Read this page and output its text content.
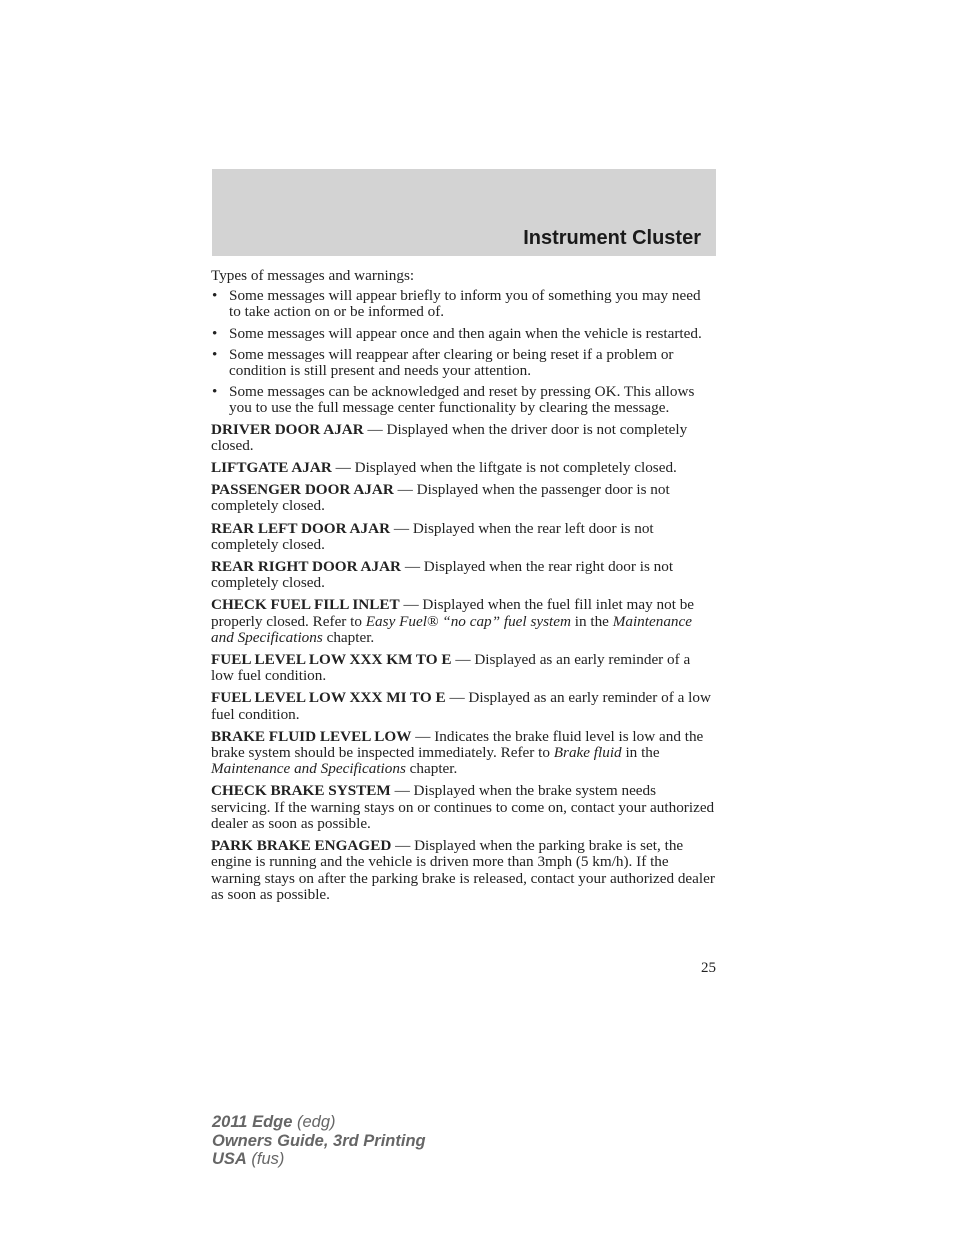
Instrument Cluster

Types of messages and warnings:

• Some messages will appear briefly to inform you of something you may need to take action on or be informed of.
• Some messages will appear once and then again when the vehicle is restarted.
• Some messages will reappear after clearing or being reset if a problem or condition is still present and needs your attention.
• Some messages can be acknowledged and reset by pressing OK. This allows you to use the full message center functionality by clearing the message.

DRIVER DOOR AJAR — Displayed when the driver door is not completely closed.

LIFTGATE AJAR — Displayed when the liftgate is not completely closed.

PASSENGER DOOR AJAR — Displayed when the passenger door is not completely closed.

REAR LEFT DOOR AJAR — Displayed when the rear left door is not completely closed.

REAR RIGHT DOOR AJAR — Displayed when the rear right door is not completely closed.

CHECK FUEL FILL INLET — Displayed when the fuel fill inlet may not be properly closed. Refer to Easy Fuel® “no cap” fuel system in the Maintenance and Specifications chapter.

FUEL LEVEL LOW XXX KM TO E — Displayed as an early reminder of a low fuel condition.

FUEL LEVEL LOW XXX MI TO E — Displayed as an early reminder of a low fuel condition.

BRAKE FLUID LEVEL LOW — Indicates the brake fluid level is low and the brake system should be inspected immediately. Refer to Brake fluid in the Maintenance and Specifications chapter.

CHECK BRAKE SYSTEM — Displayed when the brake system needs servicing. If the warning stays on or continues to come on, contact your authorized dealer as soon as possible.

PARK BRAKE ENGAGED — Displayed when the parking brake is set, the engine is running and the vehicle is driven more than 3mph (5 km/h). If the warning stays on after the parking brake is released, contact your authorized dealer as soon as possible.

25
2011 Edge (edg)
Owners Guide, 3rd Printing
USA (fus)
